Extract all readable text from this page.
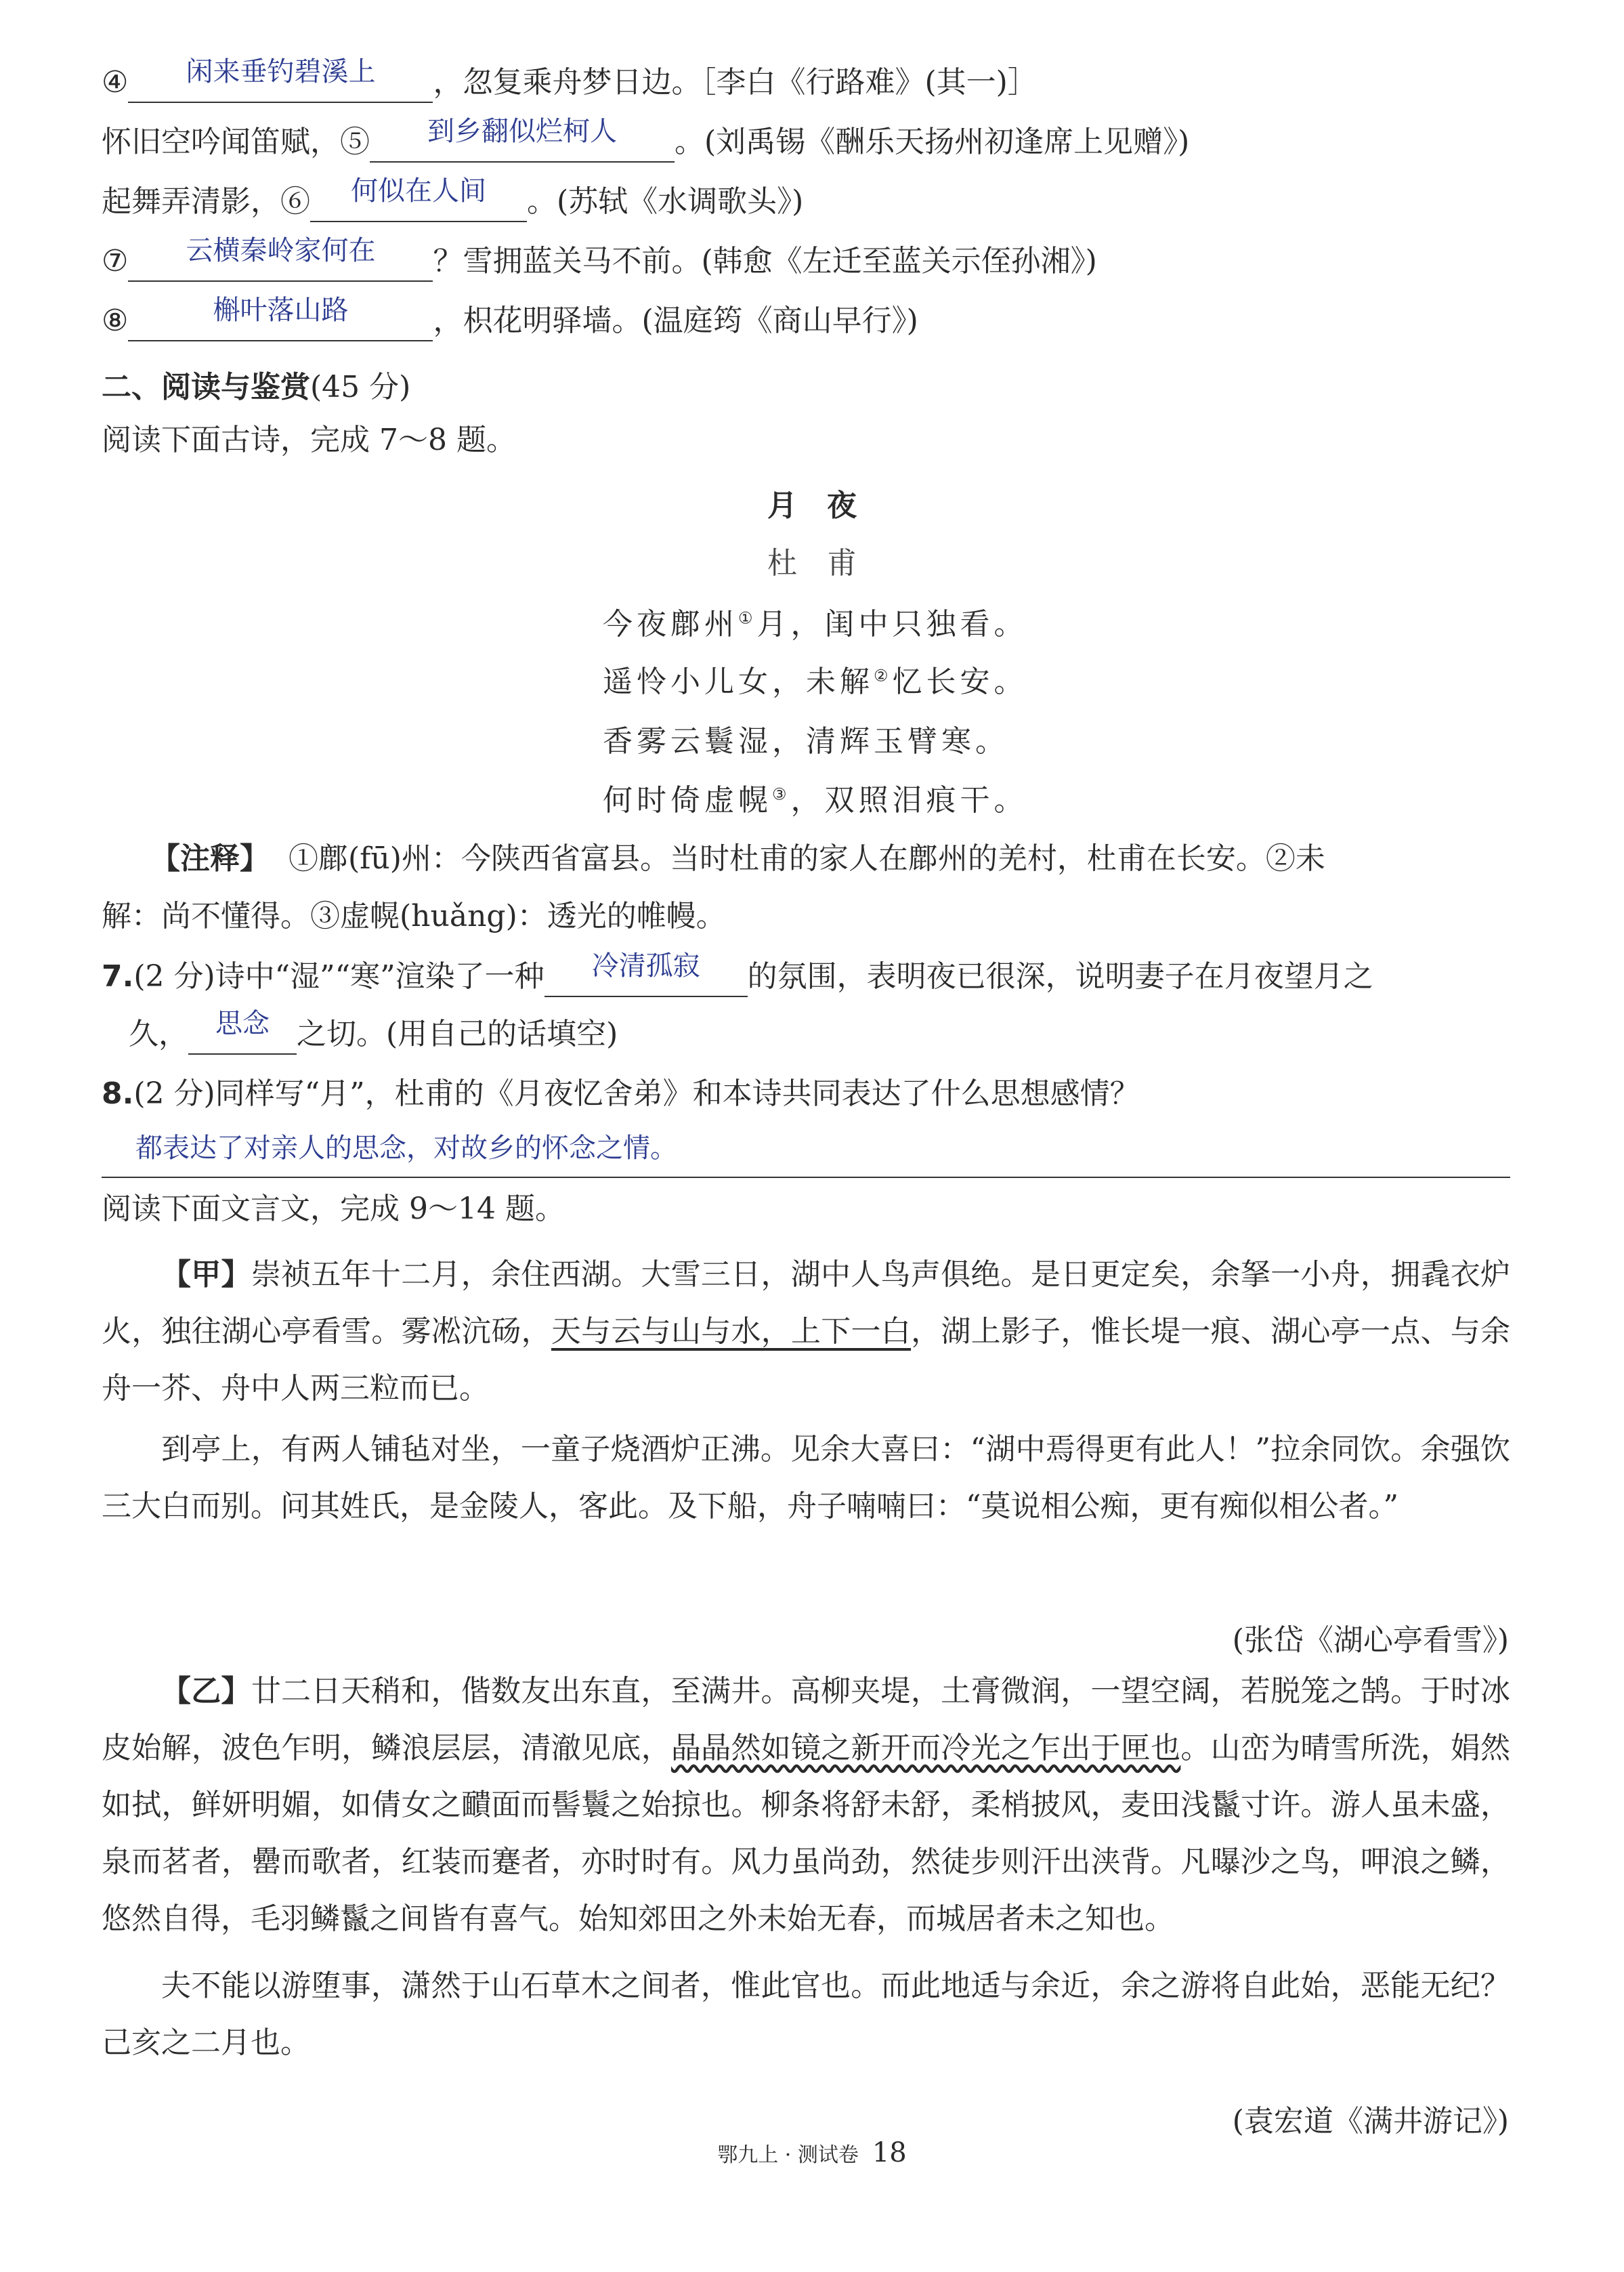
④	闲来垂钓碧溪上	，忽复乘舟梦日边。［李白《行路难》(其一)］
怀旧空吟闻笛赋，⑤	到乡翻似烂柯人	。(刘禹锡《酬乐天扬州初逢席上见赠》)
起舞弄清影，⑥	何似在人间	。(苏轼《水调歌头》)
⑦	云横秦岭家何在	？雪拥蓝关马不前。(韩愈《左迁至蓝关示侄孙湘》)
⑧	槲叶落山路	，枳花明驿墙。(温庭筠《商山早行》)
二、阅读与鉴赏(45 分)
阅读下面古诗，完成 7～8 题。
月　夜
杜　甫
今夜鄜州①月，闺中只独看。
遥怜小儿女，未解②忆长安。
香雾云鬟湿，清辉玉臂寒。
何时倚虚幌③，双照泪痕干。
【注释】 ①鄜(fū)州：今陕西省富县。当时杜甫的家人在鄜州的羌村，杜甫在长安。②未
解：尚不懂得。③虚幌(huǎng)：透光的帷幔。
7.(2 分)诗中“湿”“寒”渲染了一种	冷清孤寂	的氛围，表明夜已很深，说明妻子在月夜望月之
久，	思念 之切。(用自己的话填空)
8.(2 分)同样写“月”，杜甫的《月夜忆舍弟》和本诗共同表达了什么思想感情？
都表达了对亲人的思念，对故乡的怀念之情。
阅读下面文言文，完成 9～14 题。
【甲】崇祯五年十二月，余住西湖。大雪三日，湖中人鸟声俱绝。是日更定矣，余拏一小舟，拥毳衣炉火，独往湖心亭看雪。雾凇沆砀，天与云与山与水，上下一白，湖上影子，惟长堤一痕、湖心亭一点、与余舟一芥、舟中人两三粒而已。
到亭上，有两人铺毡对坐，一童子烧酒炉正沸。见余大喜曰：“湖中焉得更有此人！”拉余同饮。余强饮三大白而别。问其姓氏，是金陵人，客此。及下船，舟子喃喃曰：“莫说相公痴，更有痴似相公者。”
(张岱《湖心亭看雪》)
【乙】廿二日天稍和，偕数友出东直，至满井。高柳夹堤，土膏微润，一望空阔，若脱笼之鹄。于时冰皮始解，波色乍明，鳞浪层层，清澈见底，晶晶然如镜之新开而冷光之乍出于匣也。山峦为晴雪所洗，娟然如拭，鲜妍明媚，如倩女之靧面而髻鬟之始掠也。柳条将舒未舒，柔梢披风，麦田浅鬣寸许。游人虽未盛，泉而茗者，罍而歌者，红装而蹇者，亦时时有。风力虽尚劲，然徒步则汗出浃背。凡曝沙之鸟，呷浪之鳞，悠然自得，毛羽鳞鬣之间皆有喜气。始知郊田之外未始无春，而城居者未之知也。
夫不能以游堕事，潇然于山石草木之间者，惟此官也。而此地适与余近，余之游将自此始，恶能无纪？己亥之二月也。
(袁宏道《满井游记》)
鄂九上 · 测试卷 18
